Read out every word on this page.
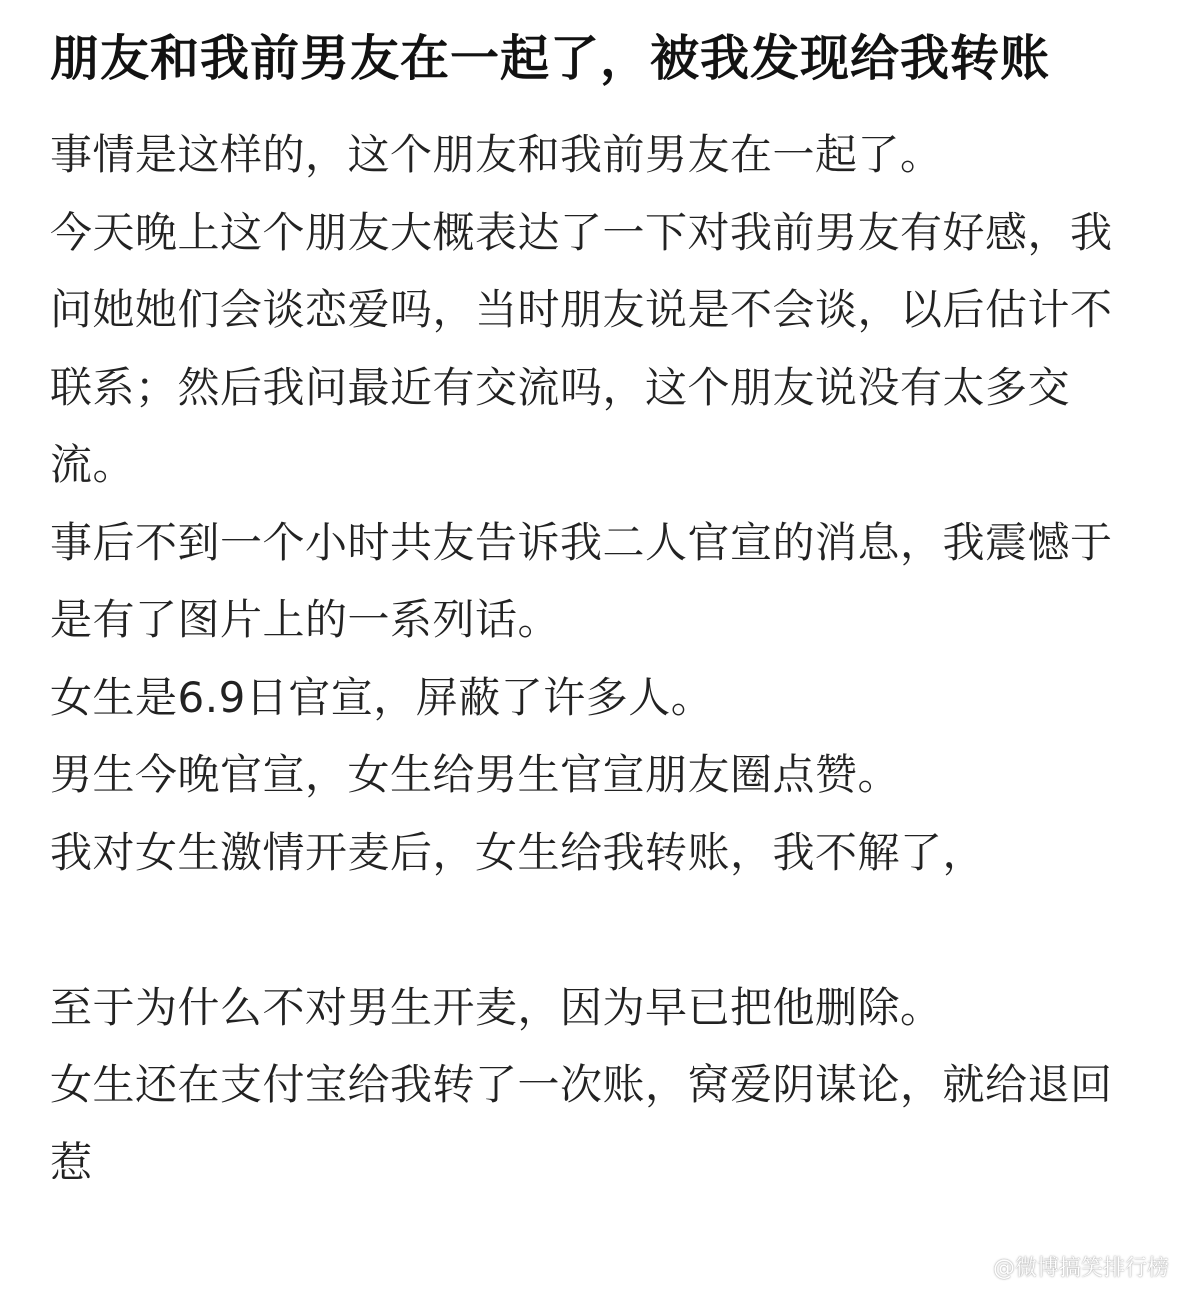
朋友和我前男友在一起了，被我发现给我转账

事情是这样的，这个朋友和我前男友在一起了。

今天晚上这个朋友大概表达了一下对我前男友有好感，我问她她们会谈恋爱吗，当时朋友说是不会谈，以后估计不联系；然后我问最近有交流吗，这个朋友说没有太多交流。

事后不到一个小时共友告诉我二人官宣的消息，我震憾于是有了图片上的一系列话。

女生是6.9日官宣，屏蔽了许多人。

男生今晚官宣，女生给男生官宣朋友圈点赞。

我对女生激情开麦后，女生给我转账，我不解了，

至于为什么不对男生开麦，因为早已把他删除。

女生还在支付宝给我转了一次账，窝爱阴谋论，就给退回惹

@微博搞笑排行榜
